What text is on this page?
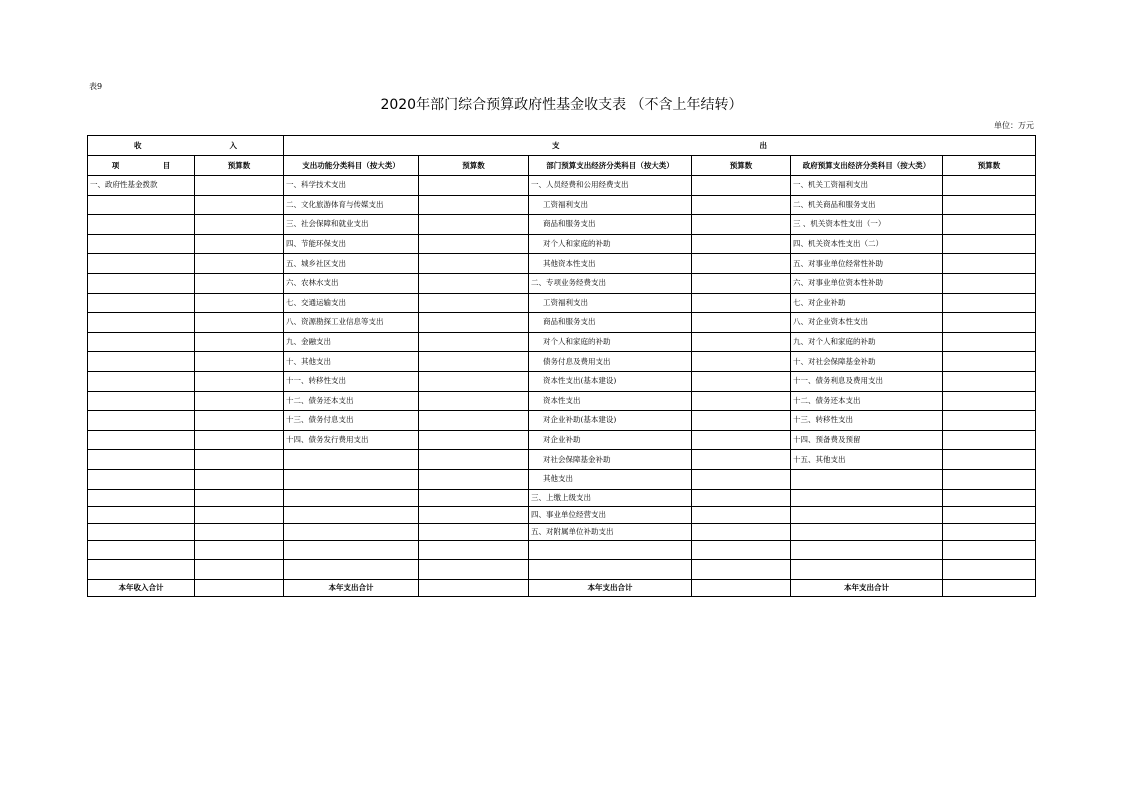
表9
2020年部门综合预算政府性基金收支表 （不含上年结转）
单位：万元
收 入		支 出					

项 目	预算数	支出功能分类科目（按大类）	预算数	部门预算支出经济分类科目（按大类）	预算数	政府预算支出经济分类科目（按大类）	预算数
一、政府性基金拨款		一、科学技术支出		一、人员经费和公用经费支出		一、机关工资福利支出	
		二、文化旅游体育与传媒支出		工资福利支出		二、机关商品和服务支出	
		三、社会保障和就业支出		商品和服务支出		三 、机关资本性支出（一）	
		四、节能环保支出		对个人和家庭的补助		四、机关资本性支出（二）	
		五、城乡社区支出		其他资本性支出		五、对事业单位经常性补助	
		六、农林水支出		二、专项业务经费支出		六、对事业单位资本性补助	
		七、交通运输支出		工资福利支出		七、对企业补助	
		八、资源勘探工业信息等支出		商品和服务支出		八、对企业资本性支出	
		九、金融支出		对个人和家庭的补助		九、对个人和家庭的补助	
		十、其他支出		债务付息及费用支出		十、对社会保障基金补助	
		十一、转移性支出		资本性支出(基本建设)		十一、债务利息及费用支出	
		十二、债务还本支出		资本性支出		十二、债务还本支出	
		十三、债务付息支出		对企业补助(基本建设)		十三、转移性支出	
		十四、债务发行费用支出		对企业补助		十四、预备费及预留	
				对社会保障基金补助		十五、其他支出	
				其他支出			
				三、上缴上级支出			
				四、事业单位经营支出			
				五、对附属单位补助支出			

本年收入合计		本年支出合计		本年支出合计		本年支出合计	
